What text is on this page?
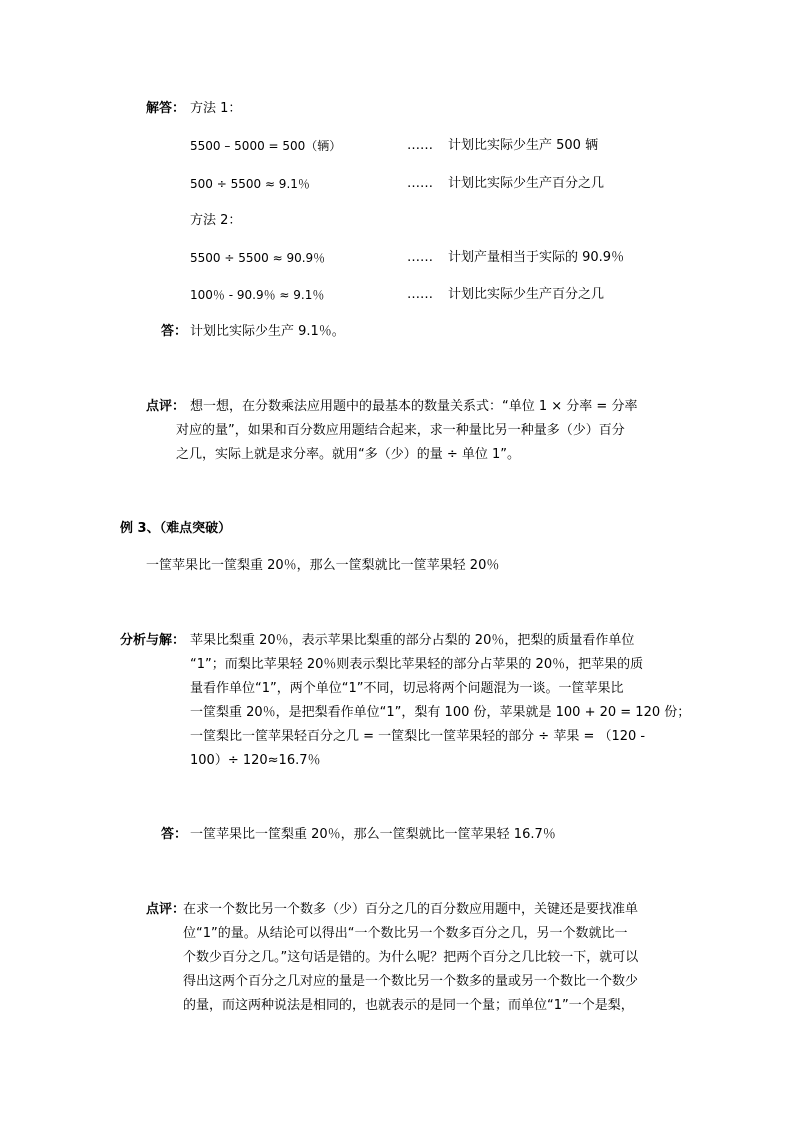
解答： 方法 1：
5500 – 5000 = 500（辆）	…… 计划比实际少生产 500 辆
500 ÷ 5500 ≈ 9.1％	…… 计划比实际少生产百分之几
方法 2：
5500 ÷ 5500 ≈ 90.9％	…… 计划产量相当于实际的 90.9％
100％ - 90.9％ ≈ 9.1％	…… 计划比实际少生产百分之几
答： 计划比实际少生产 9.1％。
点评： 想一想，在分数乘法应用题中的最基本的数量关系式：“单位 1 × 分率 = 分率
对应的量”，如果和百分数应用题结合起来，求一种量比另一种量多（少）百分
之几，实际上就是求分率。就用“多（少）的量 ÷ 单位 1”。
例 3、（难点突破）
一筐苹果比一筐梨重 20％，那么一筐梨就比一筐苹果轻 20％
分析与解： 苹果比梨重 20％，表示苹果比梨重的部分占梨的 20％，把梨的质量看作单位
“1”；而梨比苹果轻 20％则表示梨比苹果轻的部分占苹果的 20％，把苹果的质
量看作单位“1”，两个单位“1”不同，切忌将两个问题混为一谈。一筐苹果比
一筐梨重 20％，是把梨看作单位“1”，梨有 100 份，苹果就是 100 + 20 = 120 份；
一筐梨比一筐苹果轻百分之几 = 一筐梨比一筐苹果轻的部分 ÷ 苹果 = （120 -
100）÷ 120≈16.7％
答： 一筐苹果比一筐梨重 20％，那么一筐梨就比一筐苹果轻 16.7％
点评：
在求一个数比另一个数多（少）百分之几的百分数应用题中，关键还是要找准单
位“1”的量。从结论可以得出“一个数比另一个数多百分之几，另一个数就比一
个数少百分之几。”这句话是错的。为什么呢？把两个百分之几比较一下，就可以
得出这两个百分之几对应的量是一个数比另一个数多的量或另一个数比一个数少
的量，而这两种说法是相同的，也就表示的是同一个量；而单位“1”一个是梨，
